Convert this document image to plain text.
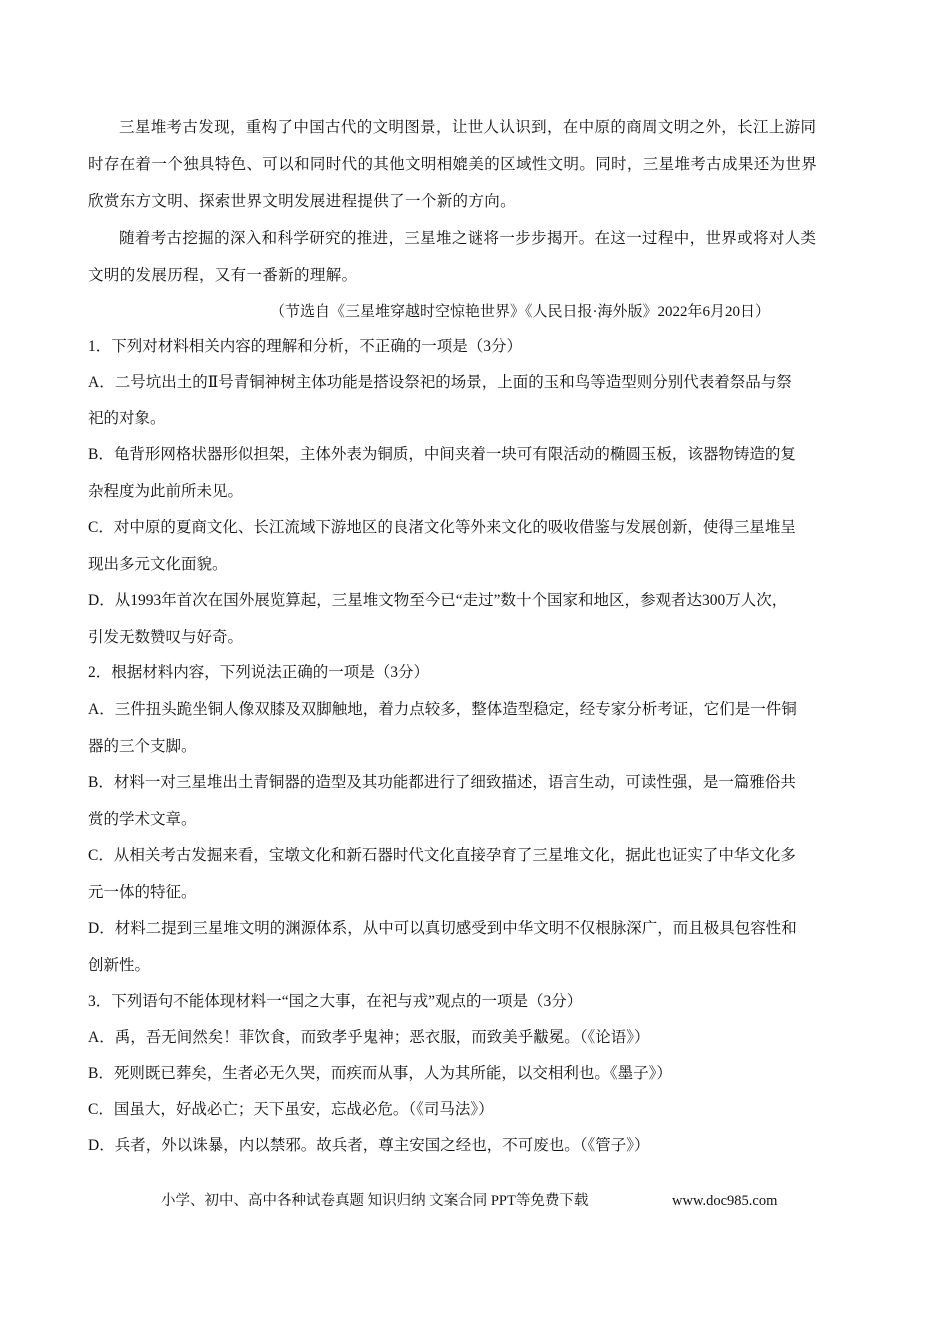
三星堆考古发现，重构了中国古代的文明图景，让世人认识到，在中原的商周文明之外，长江上游同

时存在着一个独具特色、可以和同时代的其他文明相媲美的区域性文明。同时，三星堆考古成果还为世界

欣赏东方文明、探索世界文明发展进程提供了一个新的方向。

随着考古挖掘的深入和科学研究的推进，三星堆之谜将一步步揭开。在这一过程中，世界或将对人类

文明的发展历程，又有一番新的理解。

（节选自《三星堆穿越时空惊艳世界》《人民日报·海外版》2022年6月20日）

1．下列对材料相关内容的理解和分析，不正确的一项是（3分）

A．二号坑出土的Ⅱ号青铜神树主体功能是搭设祭祀的场景，上面的玉和鸟等造型则分别代表着祭品与祭

祀的对象。

B．龟背形网格状器形似担架，主体外表为铜质，中间夹着一块可有限活动的椭圆玉板，该器物铸造的复

杂程度为此前所未见。

C．对中原的夏商文化、长江流域下游地区的良渚文化等外来文化的吸收借鉴与发展创新，使得三星堆呈

现出多元文化面貌。

D．从1993年首次在国外展览算起，三星堆文物至今已“走过”数十个国家和地区，参观者达300万人次，

引发无数赞叹与好奇。

2．根据材料内容，下列说法正确的一项是（3分）

A．三件扭头跪坐铜人像双膝及双脚触地，着力点较多，整体造型稳定，经专家分析考证，它们是一件铜

器的三个支脚。

B．材料一对三星堆出土青铜器的造型及其功能都进行了细致描述，语言生动，可读性强，是一篇雅俗共

赏的学术文章。

C．从相关考古发掘来看，宝墩文化和新石器时代文化直接孕育了三星堆文化，据此也证实了中华文化多

元一体的特征。

D．材料二提到三星堆文明的渊源体系，从中可以真切感受到中华文明不仅根脉深广，而且极具包容性和

创新性。

3．下列语句不能体现材料一“国之大事，在祀与戎”观点的一项是（3分）

A．禹，吾无间然矣！菲饮食，而致孝乎鬼神；恶衣服，而致美乎黻冕。（《论语》）

B．死则既已葬矣，生者必无久哭，而疾而从事，人为其所能，以交相利也。《墨子》）

C．国虽大，好战必亡；天下虽安，忘战必危。（《司马法》）

D．兵者，外以诛暴，内以禁邪。故兵者，尊主安国之经也，不可废也。（《管子》）

小学、初中、高中各种试卷真题 知识归纳 文案合同 PPT等免费下载	www.doc985.com
